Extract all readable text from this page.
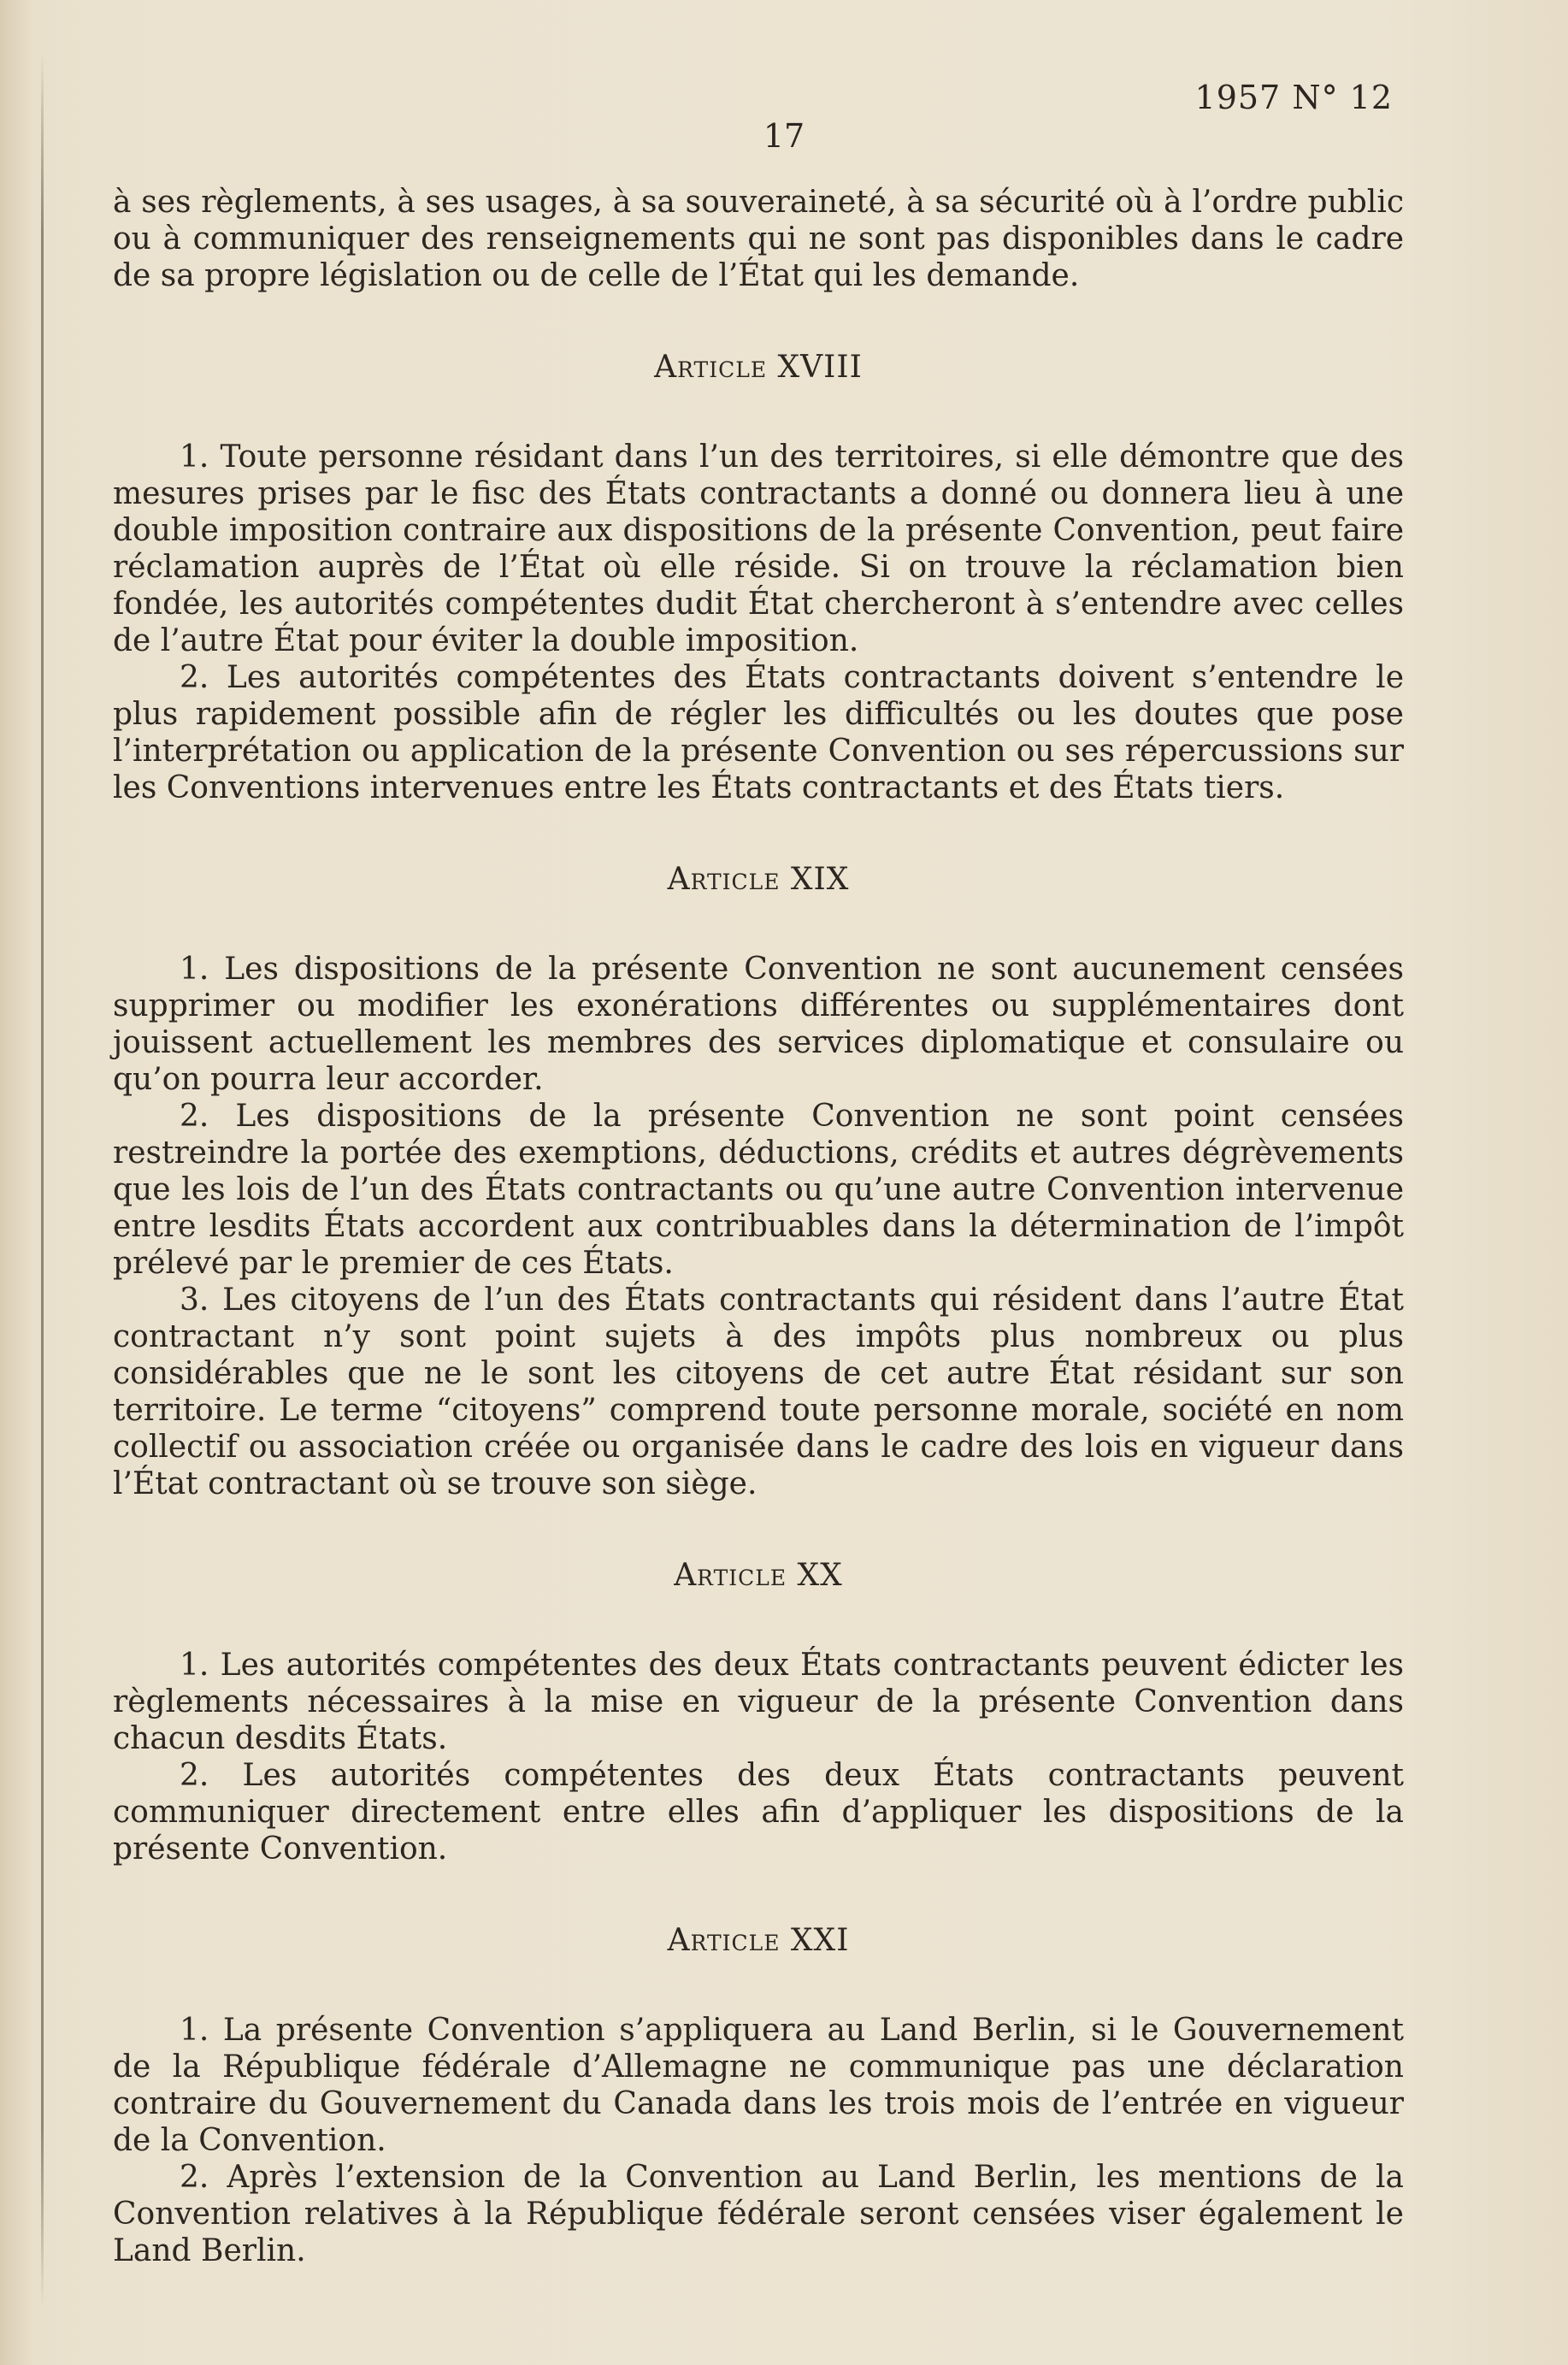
1957 N° 12
17

à ses règlements, à ses usages, à sa souveraineté, à sa sécurité où à l’ordre public ou à communiquer des renseignements qui ne sont pas disponibles dans le cadre de sa propre législation ou de celle de l’État qui les demande.

Article XVIII

1. Toute personne résidant dans l’un des territoires, si elle démontre que des mesures prises par le fisc des États contractants a donné ou donnera lieu à une double imposition contraire aux dispositions de la présente Convention, peut faire réclamation auprès de l’État où elle réside. Si on trouve la réclamation bien fondée, les autorités compétentes dudit État chercheront à s’entendre avec celles de l’autre État pour éviter la double imposition.

2. Les autorités compétentes des États contractants doivent s’entendre le plus rapidement possible afin de régler les difficultés ou les doutes que pose l’interprétation ou application de la présente Convention ou ses répercussions sur les Conventions intervenues entre les États contractants et des États tiers.

Article XIX

1. Les dispositions de la présente Convention ne sont aucunement censées supprimer ou modifier les exonérations différentes ou supplémentaires dont jouissent actuellement les membres des services diplomatique et consulaire ou qu’on pourra leur accorder.

2. Les dispositions de la présente Convention ne sont point censées restreindre la portée des exemptions, déductions, crédits et autres dégrèvements que les lois de l’un des États contractants ou qu’une autre Convention intervenue entre lesdits États accordent aux contribuables dans la détermination de l’impôt prélevé par le premier de ces États.

3. Les citoyens de l’un des États contractants qui résident dans l’autre État contractant n’y sont point sujets à des impôts plus nombreux ou plus considérables que ne le sont les citoyens de cet autre État résidant sur son territoire. Le terme “citoyens” comprend toute personne morale, société en nom collectif ou association créée ou organisée dans le cadre des lois en vigueur dans l’État contractant où se trouve son siège.

Article XX

1. Les autorités compétentes des deux États contractants peuvent édicter les règlements nécessaires à la mise en vigueur de la présente Convention dans chacun desdits États.

2. Les autorités compétentes des deux États contractants peuvent communiquer directement entre elles afin d’appliquer les dispositions de la présente Convention.

Article XXI

1. La présente Convention s’appliquera au Land Berlin, si le Gouvernement de la République fédérale d’Allemagne ne communique pas une déclaration contraire du Gouvernement du Canada dans les trois mois de l’entrée en vigueur de la Convention.

2. Après l’extension de la Convention au Land Berlin, les mentions de la Convention relatives à la République fédérale seront censées viser également le Land Berlin.
